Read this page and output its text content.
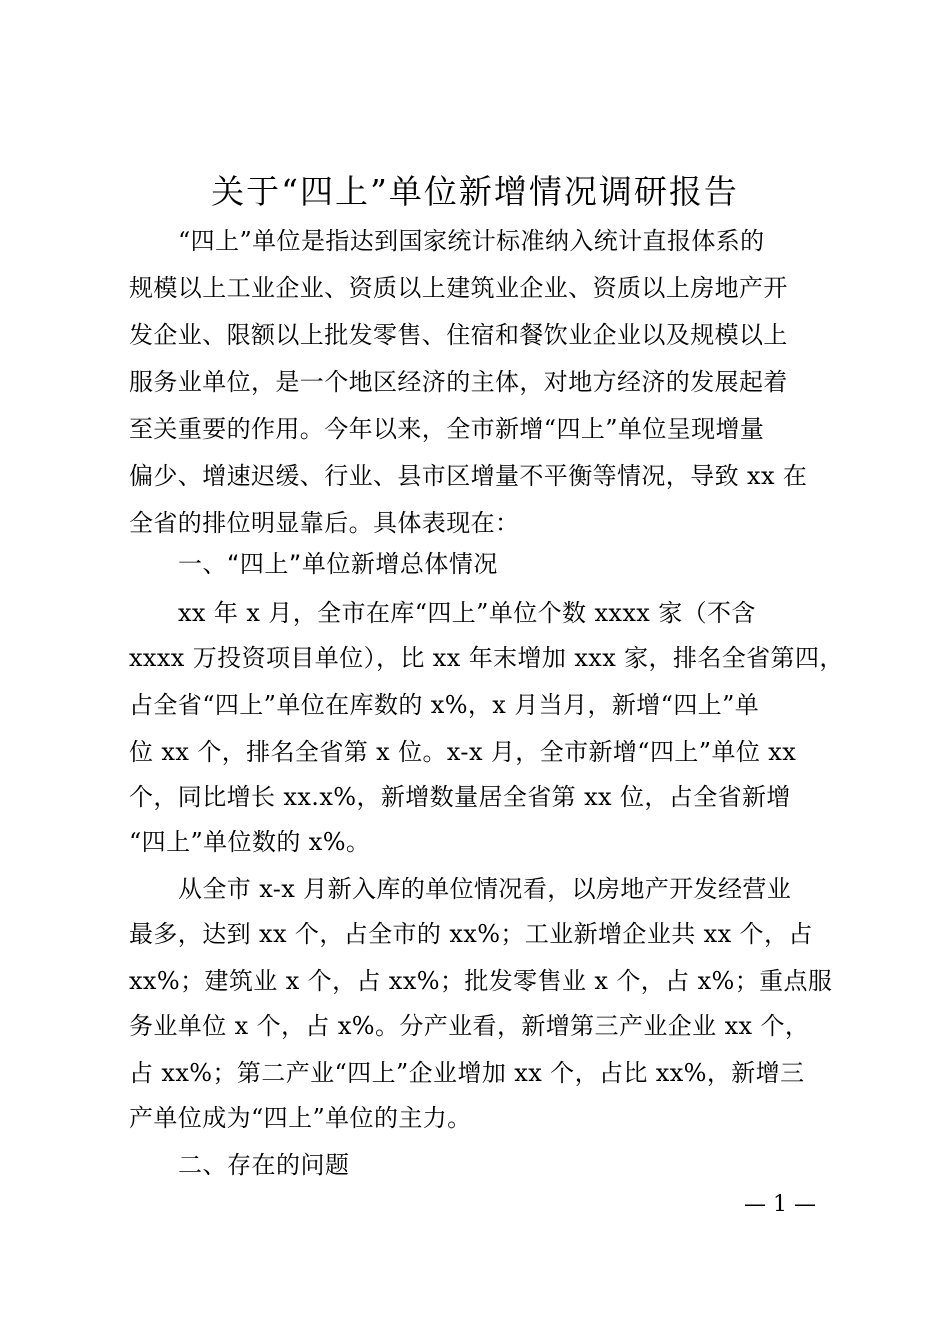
关于“四上”单位新增情况调研报告
“四上”单位是指达到国家统计标准纳入统计直报体系的
规模以上工业企业、资质以上建筑业企业、资质以上房地产开
发企业、限额以上批发零售、住宿和餐饮业企业以及规模以上
服务业单位，是一个地区经济的主体，对地方经济的发展起着
至关重要的作用。今年以来，全市新增“四上”单位呈现增量
偏少、增速迟缓、行业、县市区增量不平衡等情况，导致 xx 在
全省的排位明显靠后。具体表现在：
一、“四上”单位新增总体情况
xx 年 x 月，全市在库“四上”单位个数 xxxx 家（不含
xxxx 万投资项目单位），比 xx 年末增加 xxx 家，排名全省第四，
占全省“四上”单位在库数的 x%，x 月当月，新增“四上”单
位 xx 个，排名全省第 x 位。x-x 月，全市新增“四上”单位 xx
个，同比增长 xx.x%，新增数量居全省第 xx 位，占全省新增
“四上”单位数的 x%。
从全市 x-x 月新入库的单位情况看，以房地产开发经营业
最多，达到 xx 个，占全市的 xx%；工业新增企业共 xx 个，占
xx%；建筑业 x 个，占 xx%；批发零售业 x 个，占 x%；重点服
务业单位 x 个，占 x%。分产业看，新增第三产业企业 xx 个，
占 xx%；第二产业“四上”企业增加 xx 个，占比 xx%，新增三
产单位成为“四上”单位的主力。
二、存在的问题
— 1 —
